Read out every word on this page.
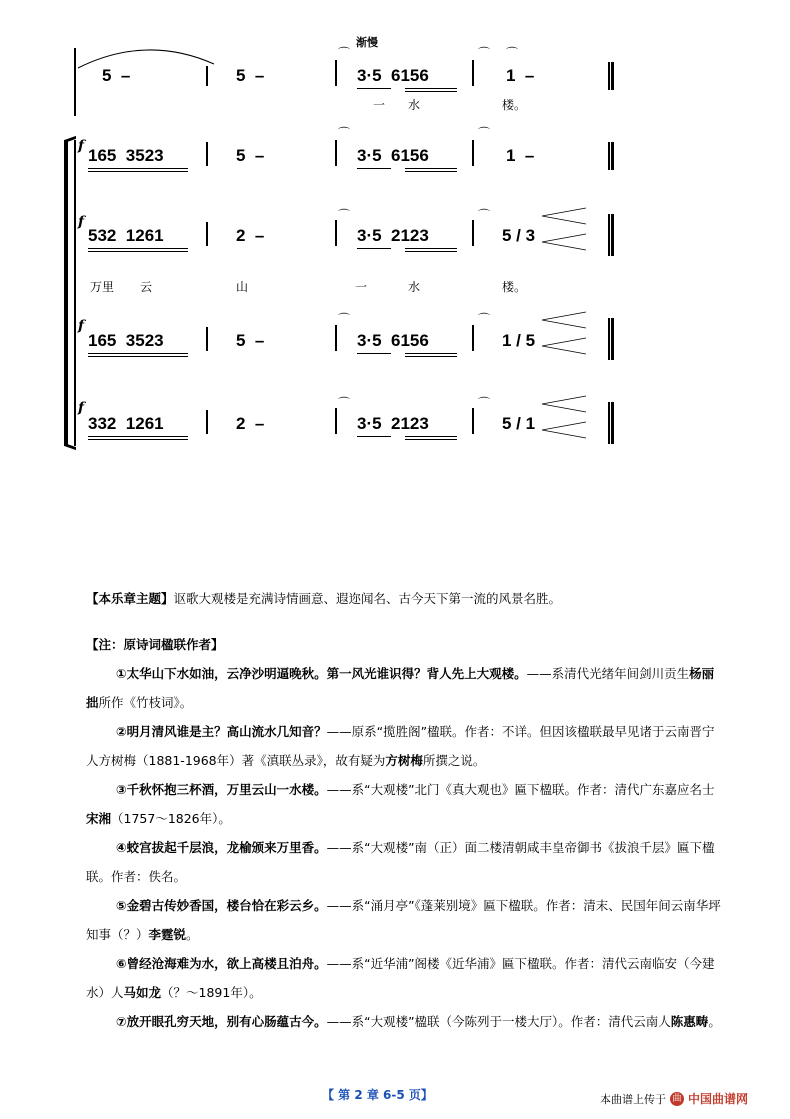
渐慢
f
f
f
f
5  –	5  –	3·5  6156	1  –
一 水	楼。
165  3523	5  –	3·5  6156	1  –
532  1261	2  –	3·5  2123	5 / 3
万里 云	山	一	水	楼。
165  3523	5  –	3·5  6156	1 / 5
332  1261	2  –	3·5  2123	5 / 1
⌒	⌒ ⌒
⌒	⌒
⌒	⌒
⌒	⌒
⌒	⌒
【本乐章主题】讴歌大观楼是充满诗情画意、遐迩闻名、古今天下第一流的风景名胜。
【注：原诗词楹联作者】
①太华山下水如油，云净沙明逼晚秋。第一风光谁识得？背人先上大观楼。——系清代光绪年间剑川贡生杨丽拙所作《竹枝词》。
②明月清风谁是主？高山流水几知音？——原系“揽胜阁”楹联。作者：不详。但因该楹联最早见诸于云南晋宁人方树梅（1881-1968年）著《滇联丛录》，故有疑为方树梅所撰之说。
③千秋怀抱三杯酒，万里云山一水楼。——系“大观楼”北门《真大观也》匾下楹联。作者：清代广东嘉应名士宋湘（1757～1826年）。
④蛟宫拔起千层浪，龙榆颁来万里香。——系“大观楼”南（正）面二楼清朝咸丰皇帝御书《拔浪千层》匾下楹联。作者：佚名。
⑤金碧古传妙香国，楼台恰在彩云乡。——系“涌月亭”《蓬莱别境》匾下楹联。作者：清末、民国年间云南华坪知事（？）李霆锐。
⑥曾经沧海难为水，欲上高楼且泊舟。——系“近华浦”阁楼《近华浦》匾下楹联。作者：清代云南临安（今建水）人马如龙（？～1891年）。
⑦放开眼孔穷天地，别有心肠蕴古今。——系“大观楼”楹联（今陈列于一楼大厅）。作者：清代云南人陈惠畴。
【 第 2 章 6-5 页】	本曲谱上传于 曲 中国曲谱网
